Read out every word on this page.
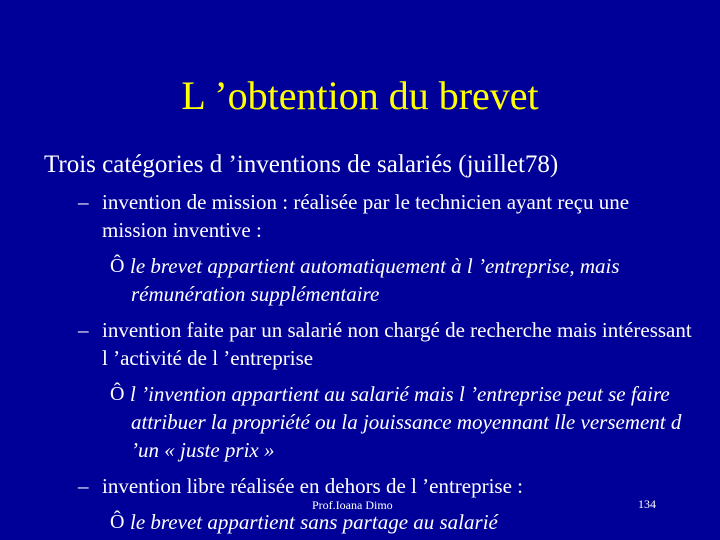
L ’obtention du brevet
Trois catégories d ’inventions de salariés (juillet78)
– invention de mission : réalisée par le technicien ayant reçu une mission inventive :
Ô le brevet appartient automatiquement à l ’entreprise, mais rémunération supplémentaire
– invention faite par un salarié non chargé de recherche mais intéressant l ’activité de l ’entreprise
Ô l ’invention appartient au salarié mais l ’entreprise peut se faire attribuer la propriété ou la jouissance moyennant lle versement d ’un « juste prix »
– invention libre réalisée en dehors de l ’entreprise :
Ô le brevet appartient sans partage au salarié
Prof.Ioana Dimo	134
